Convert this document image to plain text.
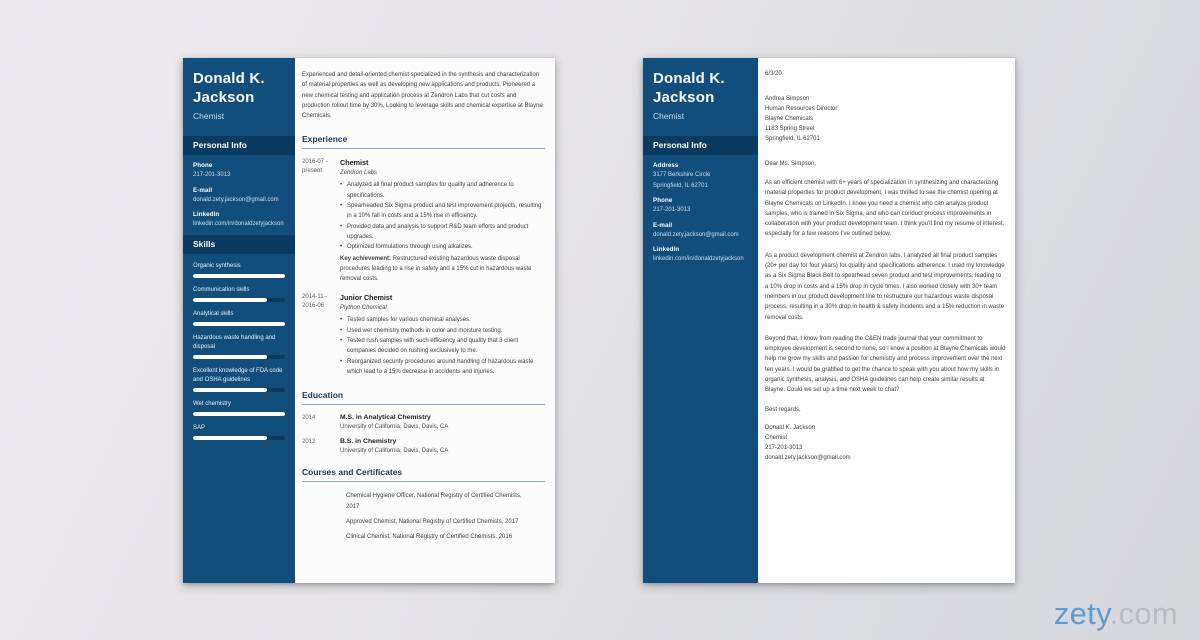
Donald K. Jackson
Chemist
Personal Info
Phone
217-201-3013
E-mail
donald.zety.jackson@gmail.com
LinkedIn
linkedin.com/in/donaldzetyjackson
Skills
Organic synthesis
Communication skills
Analytical skills
Hazardous waste handling and disposal
Excellent knowledge of FDA code and OSHA guidelines
Wet chemistry
SAP

Experienced and detail-oriented chemist specialized in the synthesis and characterization of material properties as well as developing new applications and products. Pioneered a new chemical testing and application process at Zendron Labs that cut costs and production rollout time by 30%. Looking to leverage skills and chemical expertise at Blayne Chemicals.

Experience
2016-07 -
present
Chemist
Zendron Labs
• Analyzed all final product samples for quality and adherence to specifications.
• Spearheaded Six Sigma product and test improvement projects, resulting in a 10% fall in costs and a 15% rise in efficiency.
• Provided data and analysis to support R&D team efforts and product upgrades.
• Optimized formulations through using alkalizes.
Key achievement: Restructured existing hazardous waste disposal procedures leading to a rise in safety and a 15% cut in hazardous waste removal costs.
2014-11 -
2016-06
Junior Chemist
Plython Chemical
• Tested samples for various chemical analyses.
• Used wet chemistry methods in color and moisture testing.
• Tested rush samples with such efficiency and quality that 3 client companies decided on rushing exclusively to me.
• Reorganized security procedures around handling of hazardous waste which lead to a 15% decrease in accidents and injuries.
Education
2014	M.S. in Analytical Chemistry
University of California, Davis, Davis, CA
2012	B.S. in Chemistry
University of California, Davis, Davis, CA
Courses and Certificates
Chemical Hygiene Officer, National Registry of Certified Chemists, 2017
Approved Chemist, National Registry of Certified Chemists, 2017
Clinical Chemist, National Registry of Certified Chemists, 2016
Donald K. Jackson
Chemist
Personal Info
Address
3177 Berkshire Circle
Springfield, IL 62701
Phone
217-201-3013
E-mail
donald.zety.jackson@gmail.com
LinkedIn
linkedin.com/in/donaldzetyjackson
6/3/20
Andrea Simpson
Human Resources Director
Blayne Chemicals
1183 Spring Street
Springfield, IL 62701
Dear Ms. Simpson,

As an efficient chemist with 6+ years of specialization in synthesizing and characterizing material properties for product development, I was thrilled to see the chemist opening at Blayne Chemicals on LinkedIn. I know you need a chemist who can analyze product samples, who is trained in Six Sigma, and who can conduct process improvements in collaboration with your product development team. I think you'll find my resume of interest, especially for a few reasons I've outlined below.

As a product development chemist at Zendron labs, I analyzed all final product samples (20+ per day for four years) for quality and specifications adherence. I used my knowledge as a Six Sigma Black Belt to spearhead seven product and test improvements, leading to a 10% drop in costs and a 15% drop in cycle times. I also worked closely with 30+ team members in our product development line to restructure our hazardous waste disposal process, resulting in a 30% drop in health & safety incidents and a 15% reduction in waste removal costs.

Beyond that, I know from reading the C&EN trade journal that your commitment to employee development is second to none, so I know a position at Blayne Chemicals would help me grow my skills and passion for chemistry and process improvement over the next ten years. I would be gratified to get the chance to speak with you about how my skills in organic synthesis, analysis, and OSHA guidelines can help create similar results at Blayne. Could we set up a time next week to chat?

Best regards,
Donald K. Jackson
Chemist
217-201-3013
donald.zety.jackson@gmail.com
zety.com
